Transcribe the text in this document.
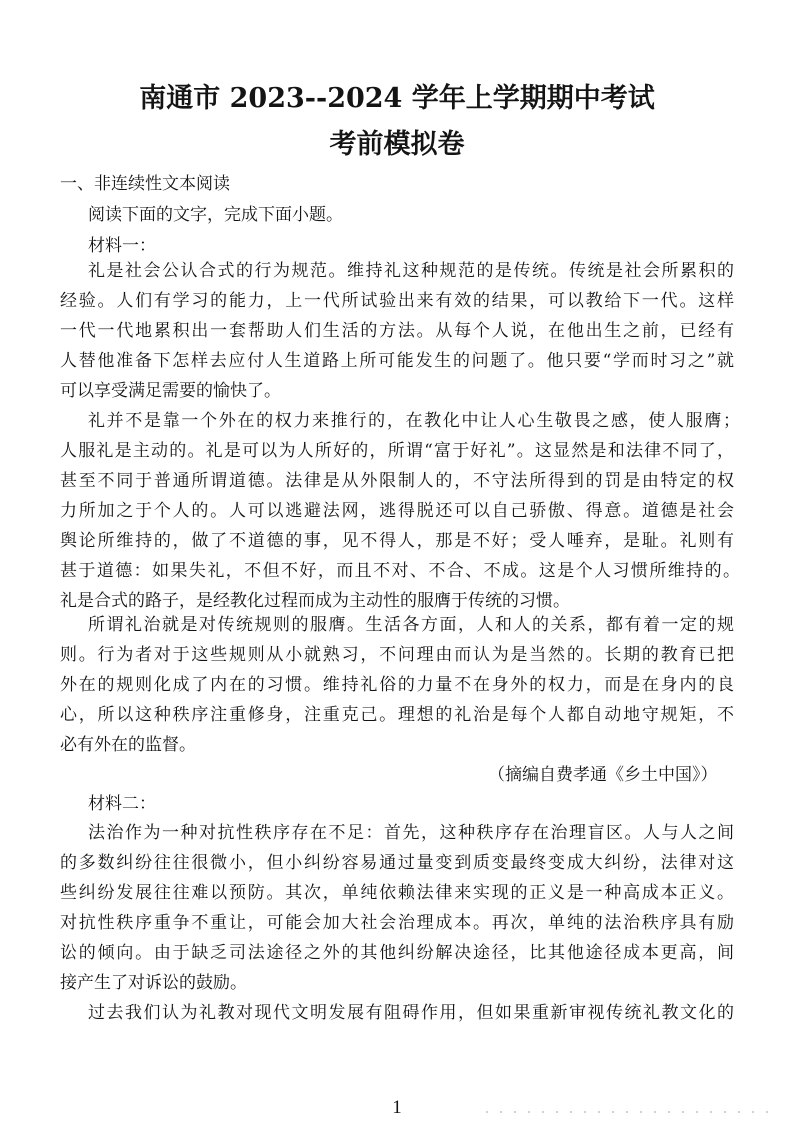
南通市 2023--2024 学年上学期期中考试
考前模拟卷

一、非连续性文本阅读

阅读下面的文字，完成下面小题。

材料一：

礼是社会公认合式的行为规范。维持礼这种规范的是传统。传统是社会所累积的

经验。人们有学习的能力，上一代所试验出来有效的结果，可以教给下一代。这样

一代一代地累积出一套帮助人们生活的方法。从每个人说，在他出生之前，已经有

人替他准备下怎样去应付人生道路上所可能发生的问题了。他只要“学而时习之”就

可以享受满足需要的愉快了。

礼并不是靠一个外在的权力来推行的，在教化中让人心生敬畏之感，使人服膺；

人服礼是主动的。礼是可以为人所好的，所谓“富于好礼”。这显然是和法律不同了，

甚至不同于普通所谓道德。法律是从外限制人的，不守法所得到的罚是由特定的权

力所加之于个人的。人可以逃避法网，逃得脱还可以自己骄傲、得意。道德是社会

舆论所维持的，做了不道德的事，见不得人，那是不好；受人唾弃，是耻。礼则有

甚于道德：如果失礼，不但不好，而且不对、不合、不成。这是个人习惯所维持的。

礼是合式的路子，是经教化过程而成为主动性的服膺于传统的习惯。

所谓礼治就是对传统规则的服膺。生活各方面，人和人的关系，都有着一定的规

则。行为者对于这些规则从小就熟习，不问理由而认为是当然的。长期的教育已把

外在的规则化成了内在的习惯。维持礼俗的力量不在身外的权力，而是在身内的良

心，所以这种秩序注重修身，注重克己。理想的礼治是每个人都自动地守规矩，不

必有外在的监督。

（摘编自费孝通《乡土中国》）

材料二：

法治作为一种对抗性秩序存在不足：首先，这种秩序存在治理盲区。人与人之间

的多数纠纷往往很微小，但小纠纷容易通过量变到质变最终变成大纠纷，法律对这

些纠纷发展往往难以预防。其次，单纯依赖法律来实现的正义是一种高成本正义。

对抗性秩序重争不重让，可能会加大社会治理成本。再次，单纯的法治秩序具有励

讼的倾向。由于缺乏司法途径之外的其他纠纷解决途径，比其他途径成本更高，间

接产生了对诉讼的鼓励。

过去我们认为礼教对现代文明发展有阻碍作用，但如果重新审视传统礼教文化的

1
